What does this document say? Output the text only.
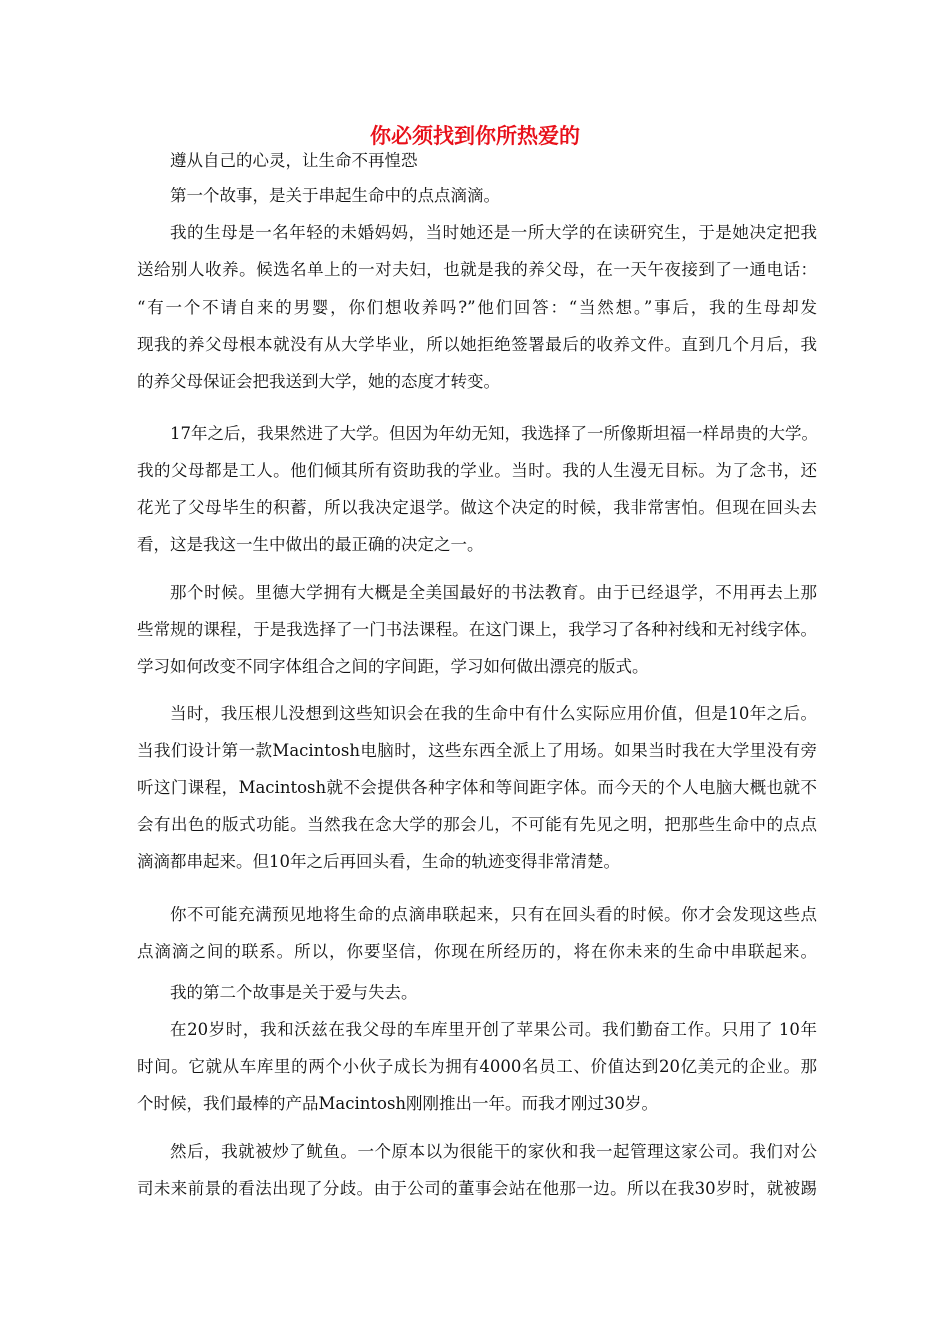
你必须找到你所热爱的
遵从自己的心灵，让生命不再惶恐
第一个故事，是关于串起生命中的点点滴滴。
我的生母是一名年轻的未婚妈妈，当时她还是一所大学的在读研究生，于是她决定把我
送给别人收养。候选名单上的一对夫妇，也就是我的养父母，在一天午夜接到了一通电话：
“有一个不请自来的男婴，你们想收养吗?”他们回答：“当然想。”事后，我的生母却发
现我的养父母根本就没有从大学毕业，所以她拒绝签署最后的收养文件。直到几个月后，我
的养父母保证会把我送到大学，她的态度才转变。
17年之后，我果然进了大学。但因为年幼无知，我选择了一所像斯坦福一样昂贵的大学。
我的父母都是工人。他们倾其所有资助我的学业。当时。我的人生漫无目标。为了念书，还
花光了父母毕生的积蓄，所以我决定退学。做这个决定的时候，我非常害怕。但现在回头去
看，这是我这一生中做出的最正确的决定之一。
那个时候。里德大学拥有大概是全美国最好的书法教育。由于已经退学，不用再去上那
些常规的课程，于是我选择了一门书法课程。在这门课上，我学习了各种衬线和无衬线字体。
学习如何改变不同字体组合之间的字间距，学习如何做出漂亮的版式。
当时，我压根儿没想到这些知识会在我的生命中有什么实际应用价值，但是10年之后。
当我们设计第一款Macintosh电脑时，这些东西全派上了用场。如果当时我在大学里没有旁
听这门课程，Macintosh就不会提供各种字体和等间距字体。而今天的个人电脑大概也就不
会有出色的版式功能。当然我在念大学的那会儿，不可能有先见之明，把那些生命中的点点
滴滴都串起来。但10年之后再回头看，生命的轨迹变得非常清楚。
你不可能充满预见地将生命的点滴串联起来，只有在回头看的时候。你才会发现这些点
点滴滴之间的联系。所以，你要坚信，你现在所经历的，将在你未来的生命中串联起来。
我的第二个故事是关于爱与失去。
在20岁时，我和沃兹在我父母的车库里开创了苹果公司。我们勤奋工作。只用了 10年
时间。它就从车库里的两个小伙子成长为拥有4000名员工、价值达到20亿美元的企业。那
个时候，我们最棒的产品Macintosh刚刚推出一年。而我才刚过30岁。
然后，我就被炒了鱿鱼。一个原本以为很能干的家伙和我一起管理这家公司。我们对公
司未来前景的看法出现了分歧。由于公司的董事会站在他那一边。所以在我30岁时，就被踢
